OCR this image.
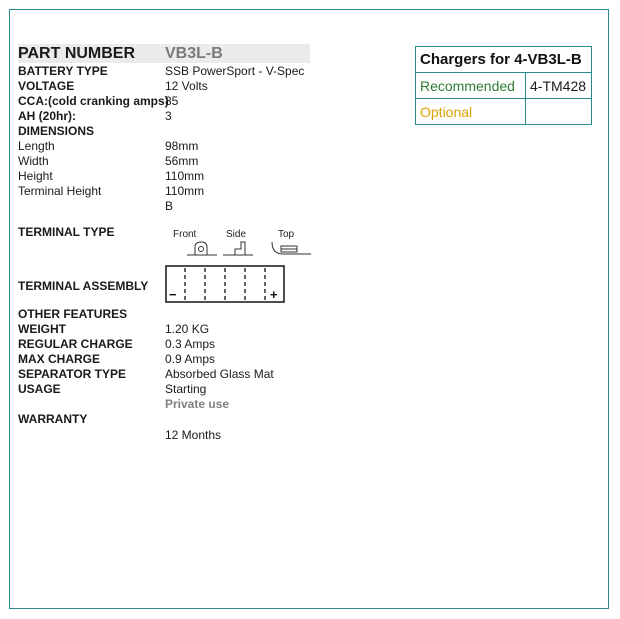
PART NUMBER	VB3L-B
BATTERY TYPE	SSB PowerSport - V-Spec
VOLTAGE	12 Volts
CCA:(cold cranking amps)
85
AH (20hr):	3
DIMENSIONS
Length	98mm
Width	56mm
Height	110mm
Terminal Height	110mm
B
TERMINAL TYPE	Front	Side	Top
TERMINAL ASSEMBLY
−	+
OTHER FEATURES
WEIGHT	1.20 KG
REGULAR CHARGE	0.3 Amps
MAX CHARGE	0.9 Amps
SEPARATOR TYPE	Absorbed Glass Mat
USAGE	Starting
Private use
WARRANTY
12 Months
Chargers for 4-VB3L-B	
Recommended	4-TM428
Optional	
